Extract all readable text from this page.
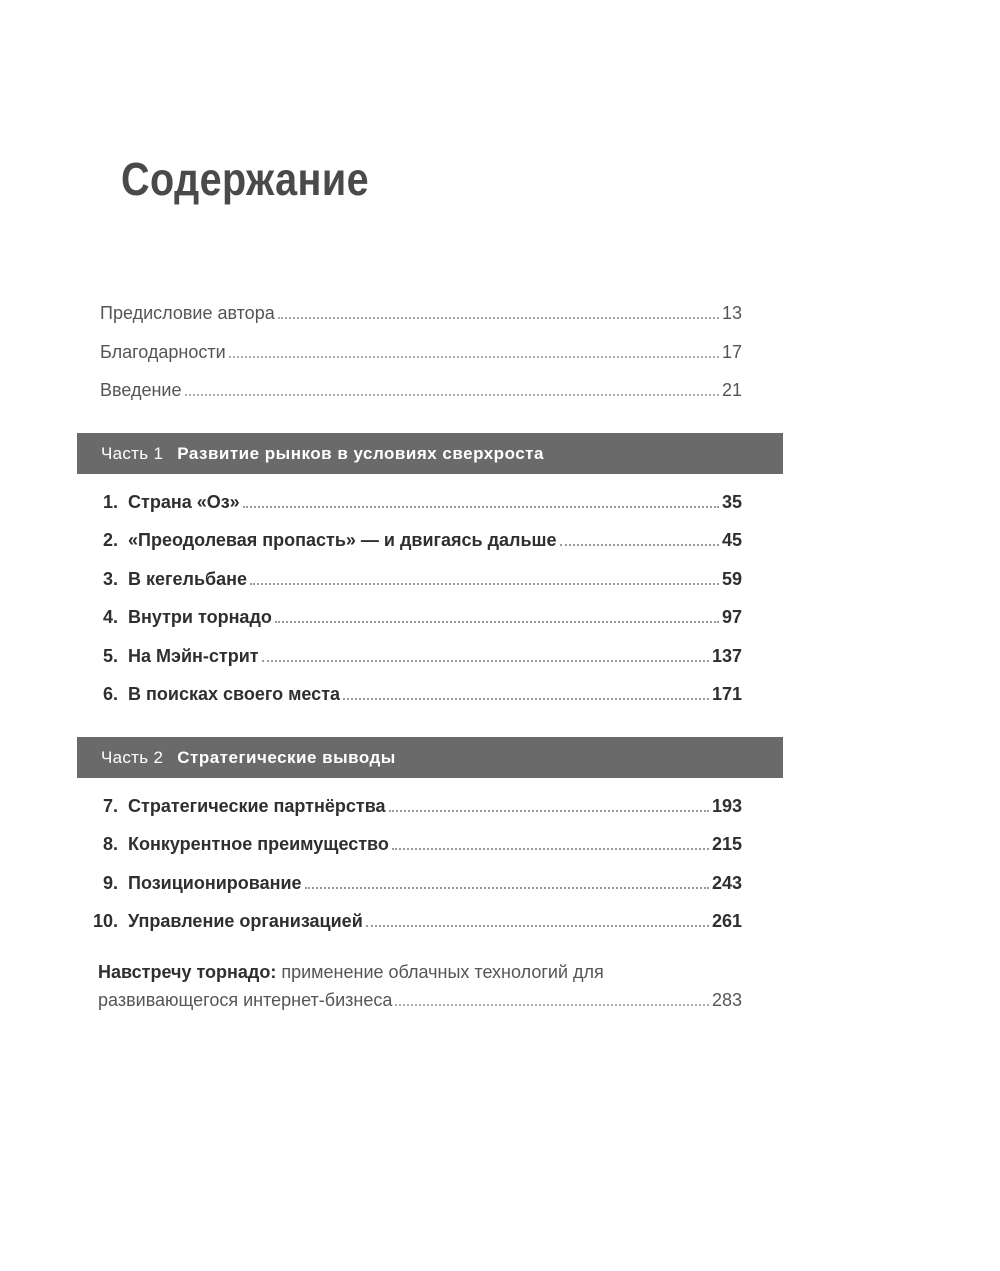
Содержание
Предисловие автора	13
Благодарности	17
Введение	21
Часть 1 Развитие рынков в условиях сверхроста
1. Страна «Оз»	35
2. «Преодолевая пропасть» — и двигаясь дальше	45
3. В кегельбане	59
4. Внутри торнадо	97
5. На Мэйн-стрит	137
6. В поисках своего места	171
Часть 2 Стратегические выводы
7. Стратегические партнёрства	193
8. Конкурентное преимущество	215
9. Позиционирование	243
10. Управление организацией	261
Навстречу торнадо: применение облачных технологий для
развивающегося интернет-бизнеса	283
